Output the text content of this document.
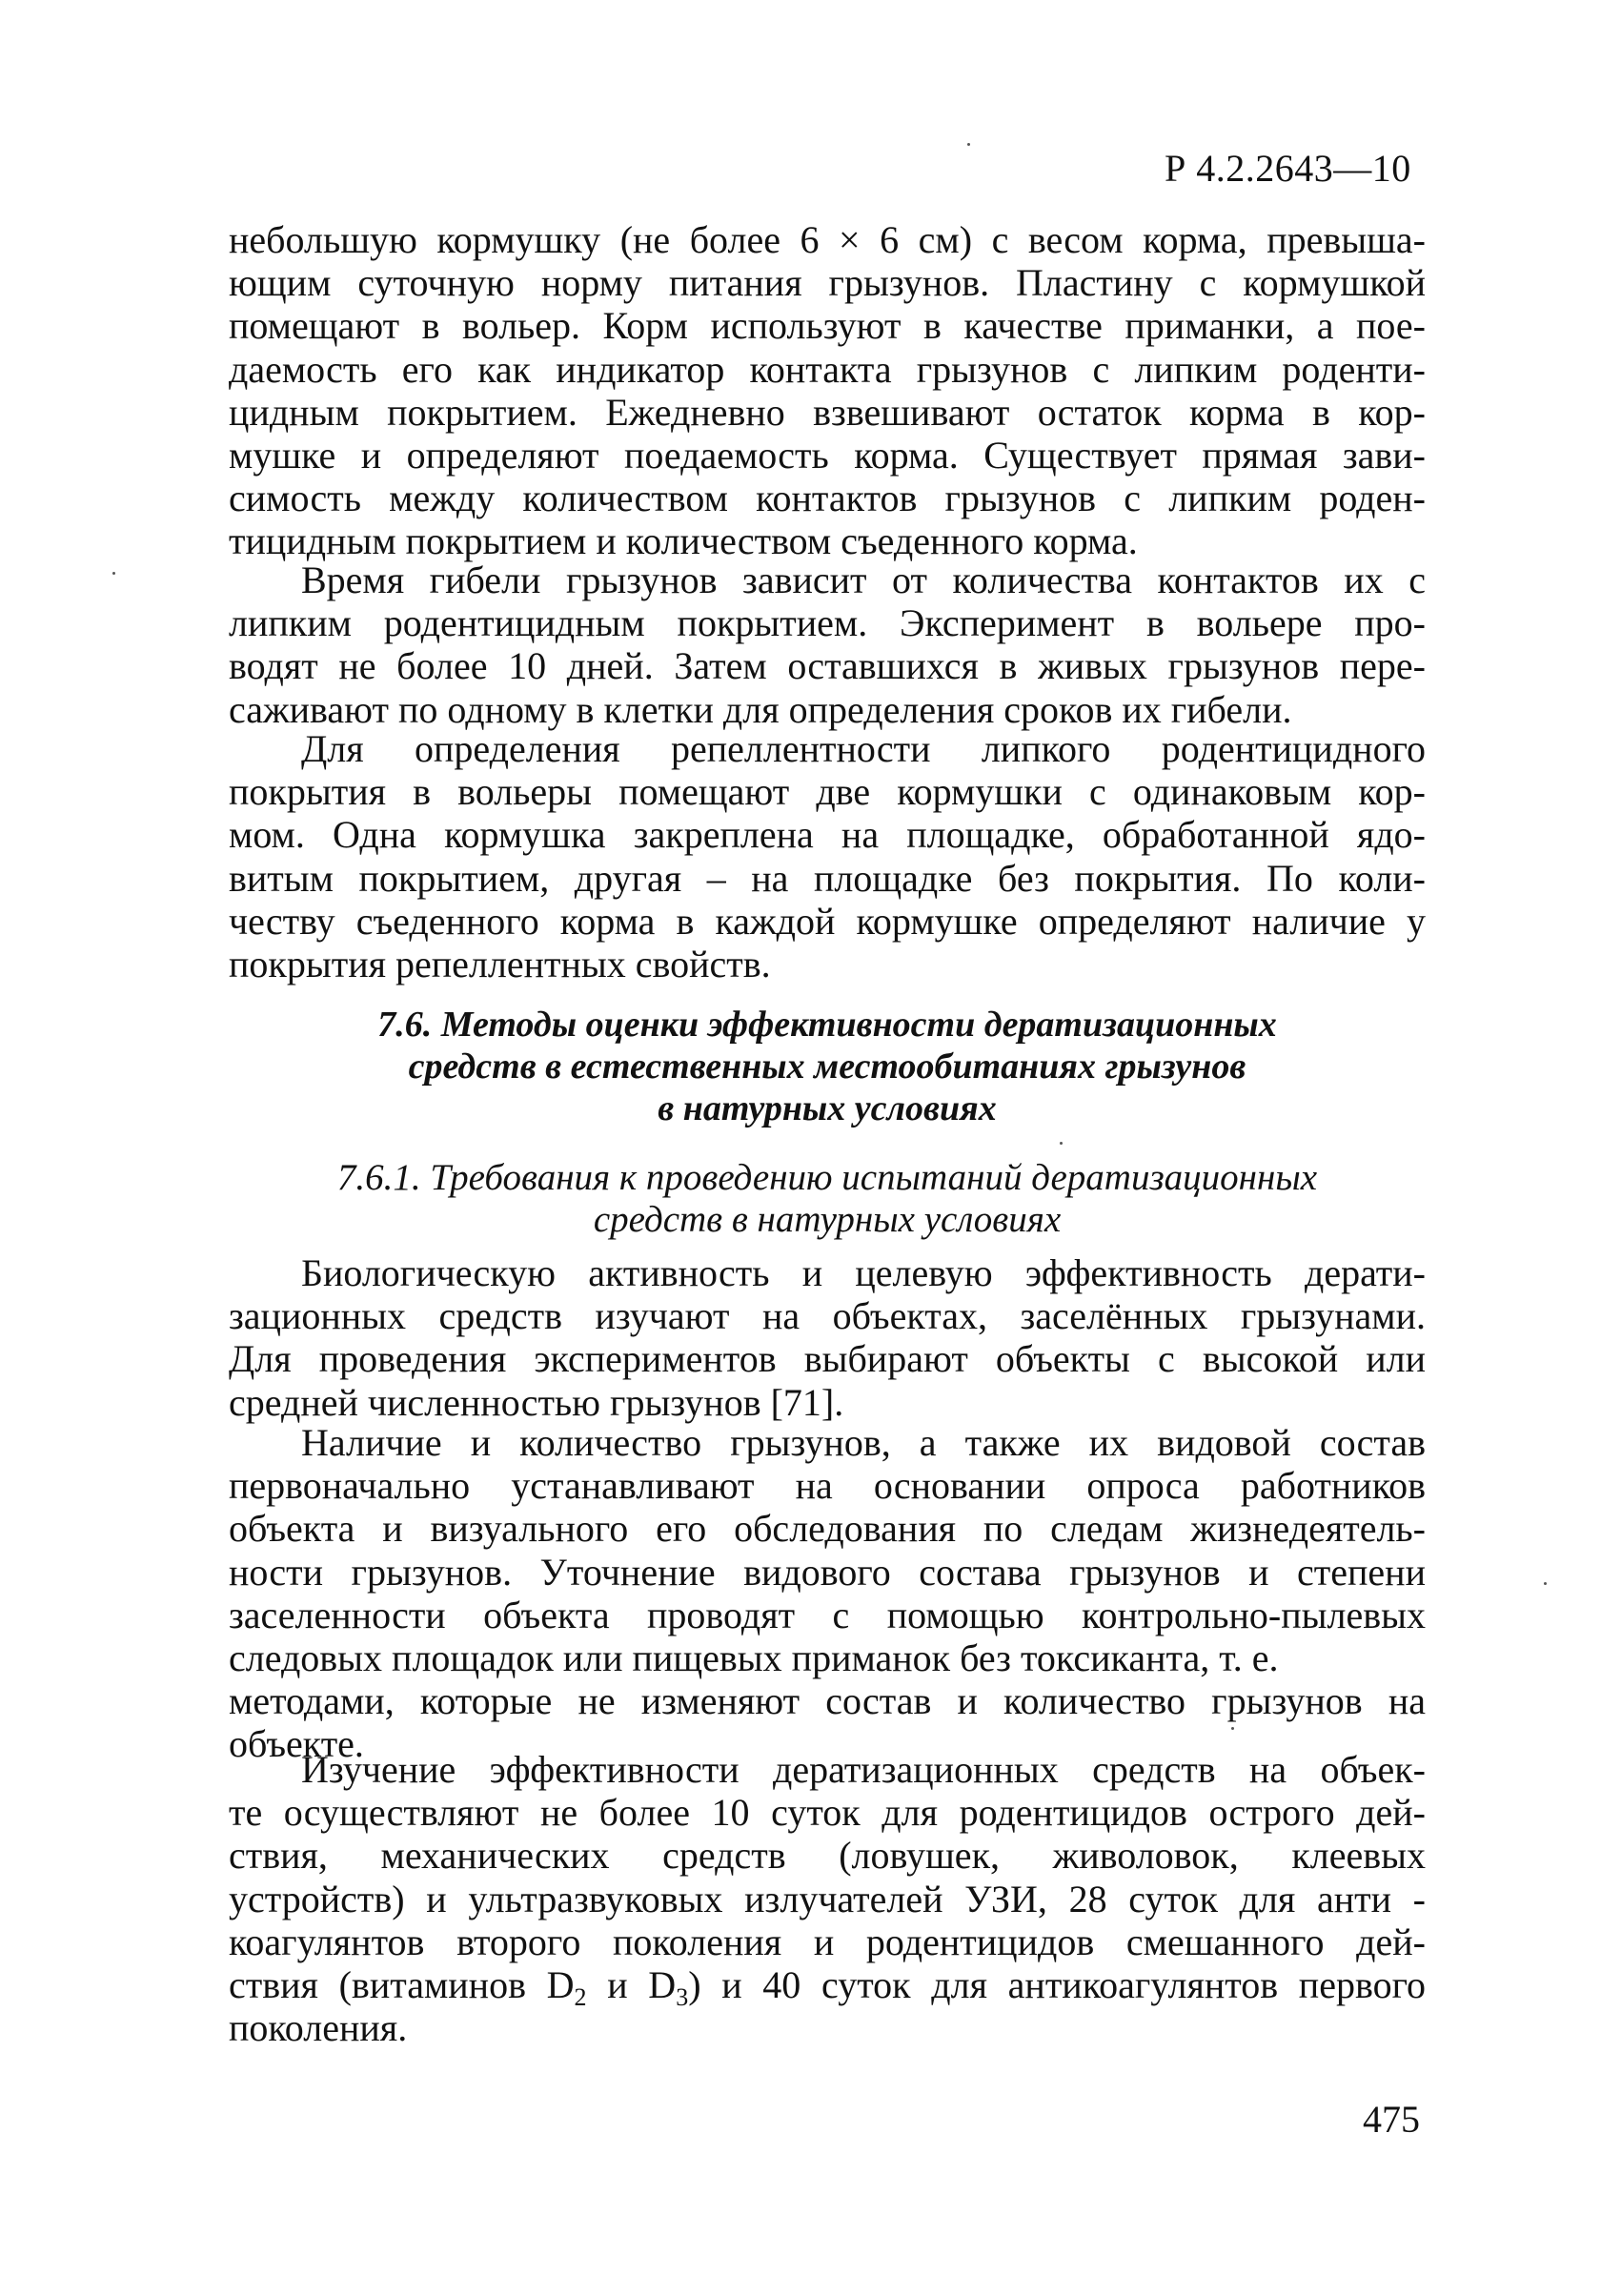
Р 4.2.2643—10

небольшую кормушку (не более 6 × 6 см) с весом корма, превыша-

ющим суточную норму питания грызунов. Пластину с кормушкой

помещают в вольер. Корм используют в качестве приманки, а пое-

даемость его как индикатор контакта грызунов с липким роденти-

цидным покрытием. Ежедневно взвешивают остаток корма в кор-

мушке и определяют поедаемость корма. Существует прямая зави-

симость между количеством контактов грызунов с липким роден-

тицидным покрытием и количеством съеденного корма.

Время гибели грызунов зависит от количества контактов их с

липким родентицидным покрытием. Эксперимент в вольере про-

водят не более 10 дней. Затем оставшихся в живых грызунов пере-

саживают по одному в клетки для определения сроков их гибели.

Для определения репеллентности липкого родентицидного

покрытия в вольеры помещают две кормушки с одинаковым кор-

мом. Одна кормушка закреплена на площадке, обработанной ядо-

витым покрытием, другая – на площадке без покрытия. По коли-

честву съеденного корма в каждой кормушке определяют наличие у

покрытия репеллентных свойств.

7.6. Методы оценки эффективности дератизационных
средств в естественных местообитаниях грызунов
в натурных условиях
7.6.1. Требования к проведению испытаний дератизационных
средств в натурных условиях

Биологическую активность и целевую эффективность дерати-

зационных средств изучают на объектах, заселённых грызунами.

Для проведения экспериментов выбирают объекты с высокой или

средней численностью грызунов [71].

Наличие и количество грызунов, а также их видовой состав

первоначально устанавливают на основании опроса работников

объекта и визуального его обследования по следам жизнедеятель-

ности грызунов. Уточнение видового состава грызунов и степени

заселенности объекта проводят с помощью контрольно-пылевых

следовых площадок или пищевых приманок без токсиканта, т. е.

методами, которые не изменяют состав и количество грызунов на

объекте.

Изучение эффективности дератизационных средств на объек-

те осуществляют не более 10 суток для родентицидов острого дей-

ствия, механических средств (ловушек, живоловок, клеевых

устройств) и ультразвуковых излучателей УЗИ, 28 суток для анти -

коагулянтов второго поколения и родентицидов смешанного дей-

ствия (витаминов $D_2$ и $D_3$) и 40 суток для антикоагулянтов первого

поколения.

475
